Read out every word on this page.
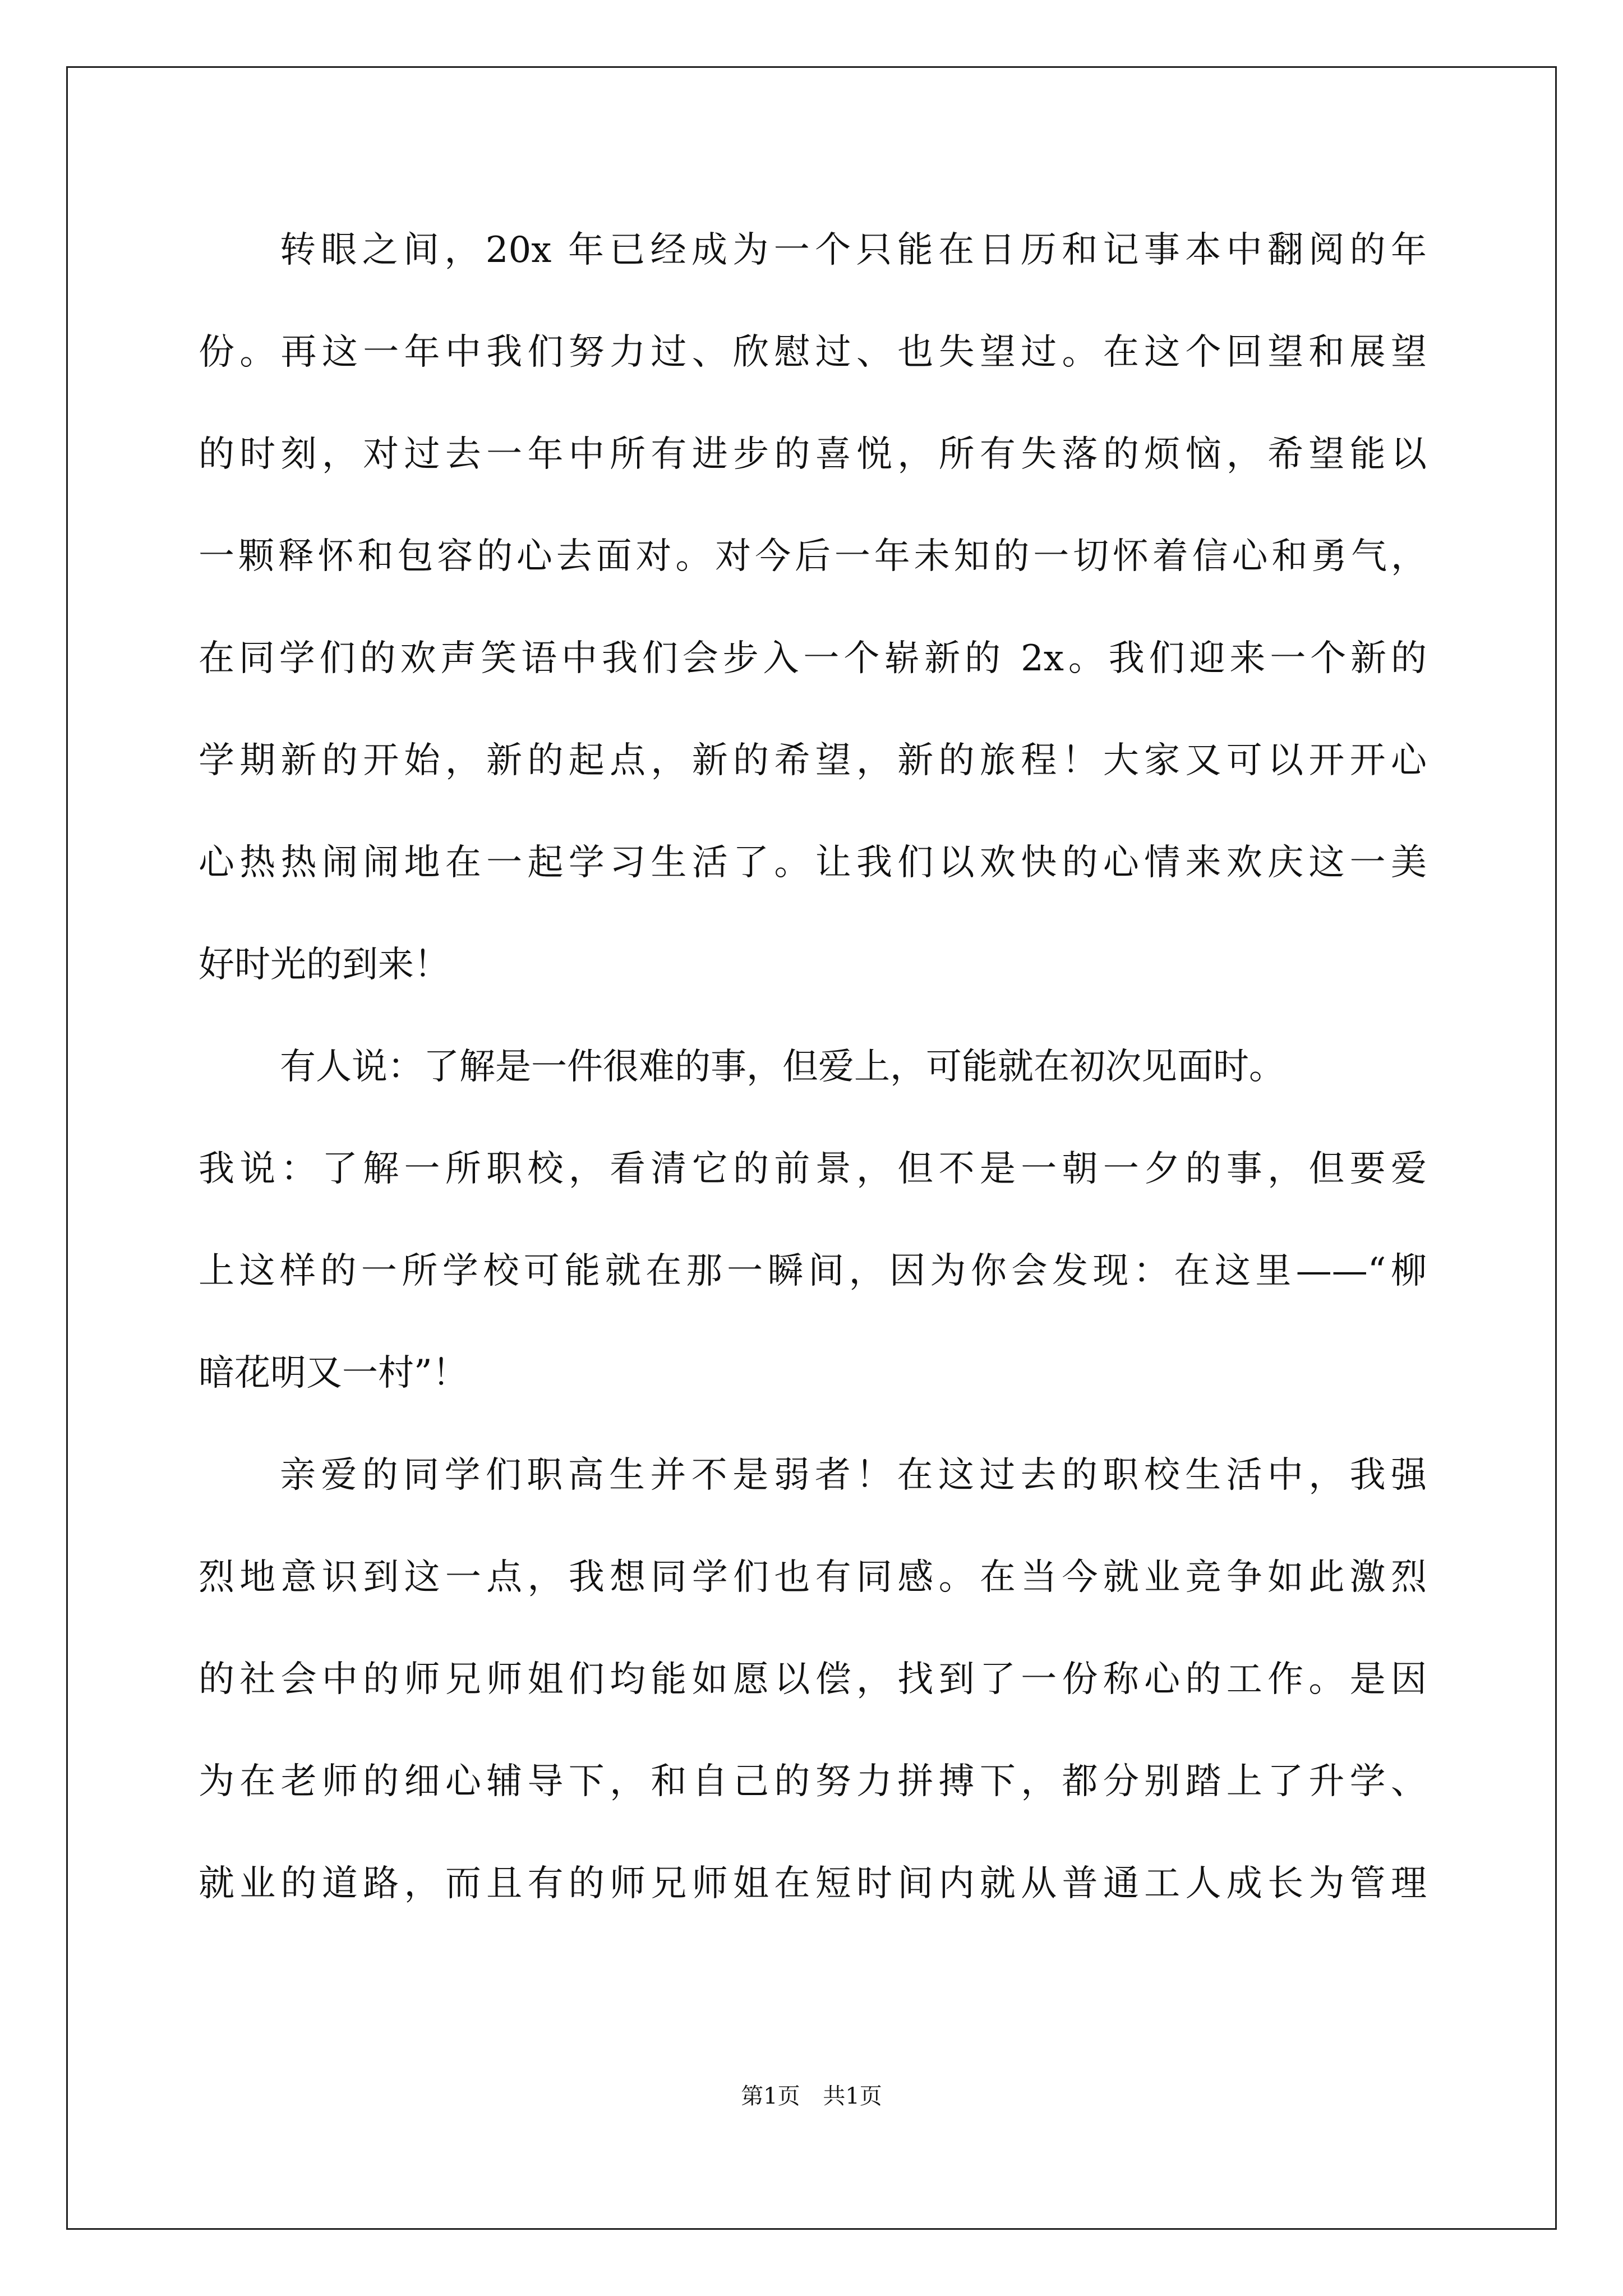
转眼之间，20x 年已经成为一个只能在日历和记事本中翻阅的年
份。再这一年中我们努力过、欣慰过、也失望过。在这个回望和展望
的时刻，对过去一年中所有进步的喜悦，所有失落的烦恼，希望能以
一颗释怀和包容的心去面对。对今后一年未知的一切怀着信心和勇气，
在同学们的欢声笑语中我们会步入一个崭新的 2x。我们迎来一个新的
学期新的开始，新的起点，新的希望，新的旅程！大家又可以开开心
心热热闹闹地在一起学习生活了。让我们以欢快的心情来欢庆这一美
好时光的到来！
有人说：了解是一件很难的事，但爱上，可能就在初次见面时。
我说：了解一所职校，看清它的前景，但不是一朝一夕的事，但要爱
上这样的一所学校可能就在那一瞬间，因为你会发现：在这里——“柳
暗花明又一村”！
亲爱的同学们职高生并不是弱者！在这过去的职校生活中，我强
烈地意识到这一点，我想同学们也有同感。在当今就业竞争如此激烈
的社会中的师兄师姐们均能如愿以偿，找到了一份称心的工作。是因
为在老师的细心辅导下，和自己的努力拼搏下，都分别踏上了升学、
就业的道路，而且有的师兄师姐在短时间内就从普通工人成长为管理
第1页 共1页
